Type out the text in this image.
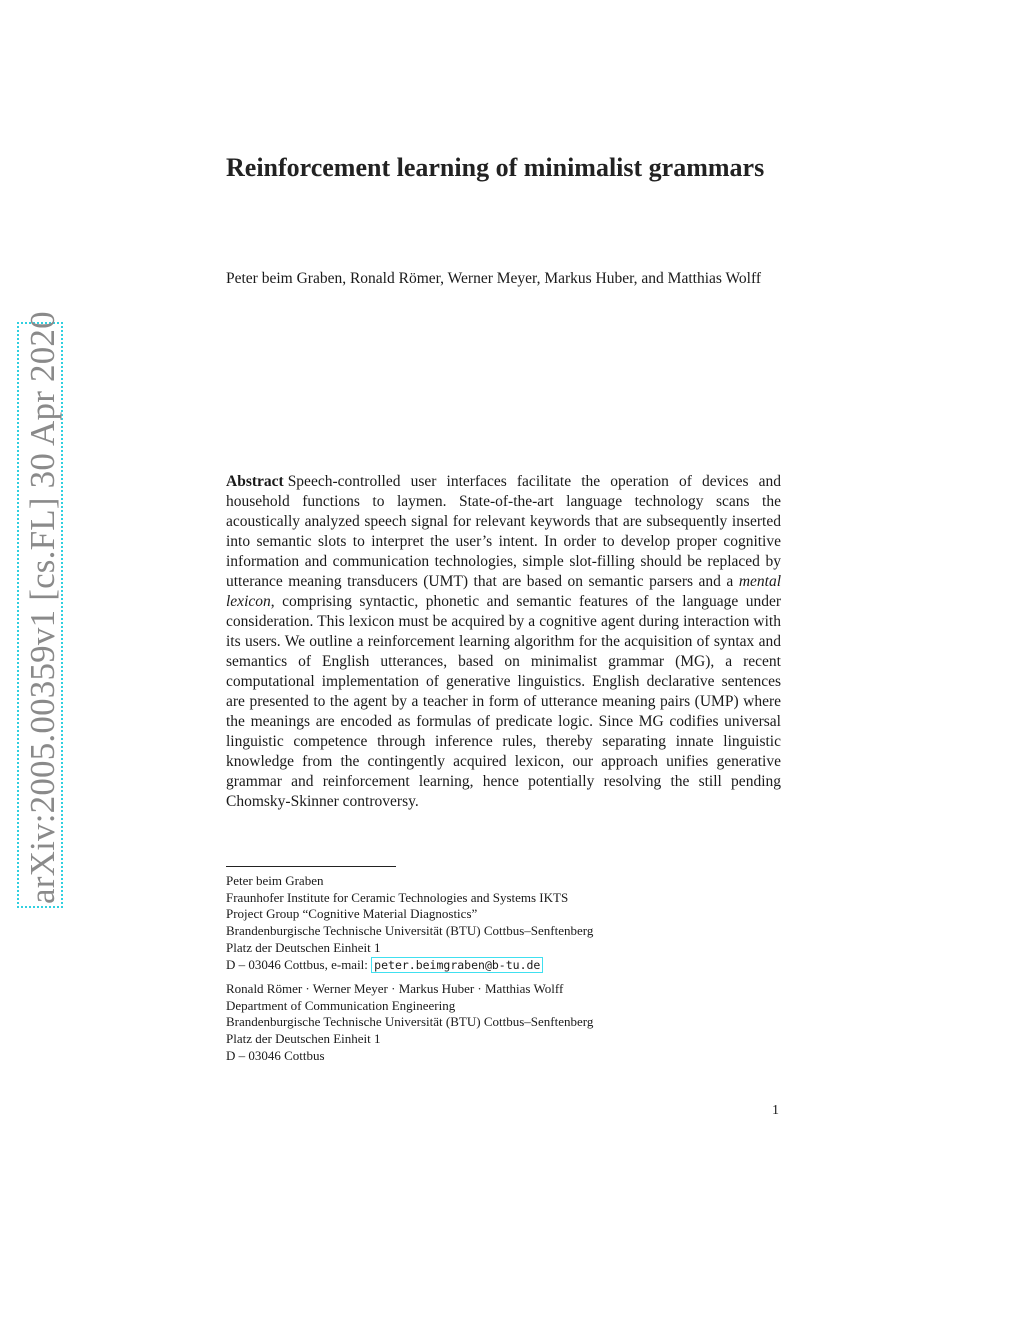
arXiv:2005.00359v1 [cs.FL] 30 Apr 2020
Reinforcement learning of minimalist grammars

Peter beim Graben, Ronald Römer, Werner Meyer, Markus Huber, and Matthias Wolff

Abstract Speech-controlled user interfaces facilitate the operation of devices and household functions to laymen. State-of-the-art language technology scans the acoustically analyzed speech signal for relevant keywords that are subsequently inserted into semantic slots to interpret the user’s intent. In order to develop proper cognitive information and communication technologies, simple slot-filling should be replaced by utterance meaning transducers (UMT) that are based on semantic parsers and a mental lexicon, comprising syntactic, phonetic and semantic features of the language under consideration. This lexicon must be acquired by a cognitive agent during interaction with its users. We outline a reinforcement learning algorithm for the acquisition of syntax and semantics of English utterances, based on minimalist grammar (MG), a recent computational implementation of generative linguistics. English declarative sentences are presented to the agent by a teacher in form of utterance meaning pairs (UMP) where the meanings are encoded as formulas of predicate logic. Since MG codifies universal linguistic competence through inference rules, thereby separating innate linguistic knowledge from the contingently acquired lexicon, our approach unifies generative grammar and reinforcement learning, hence potentially resolving the still pending Chomsky-Skinner controversy.

Peter beim Graben
Fraunhofer Institute for Ceramic Technologies and Systems IKTS
Project Group “Cognitive Material Diagnostics”
Brandenburgische Technische Universität (BTU) Cottbus–Senftenberg
Platz der Deutschen Einheit 1
D – 03046 Cottbus, e-mail: peter.beimgraben@b-tu.de
Ronald Römer · Werner Meyer · Markus Huber · Matthias Wolff
Department of Communication Engineering
Brandenburgische Technische Universität (BTU) Cottbus–Senftenberg
Platz der Deutschen Einheit 1
D – 03046 Cottbus
1
